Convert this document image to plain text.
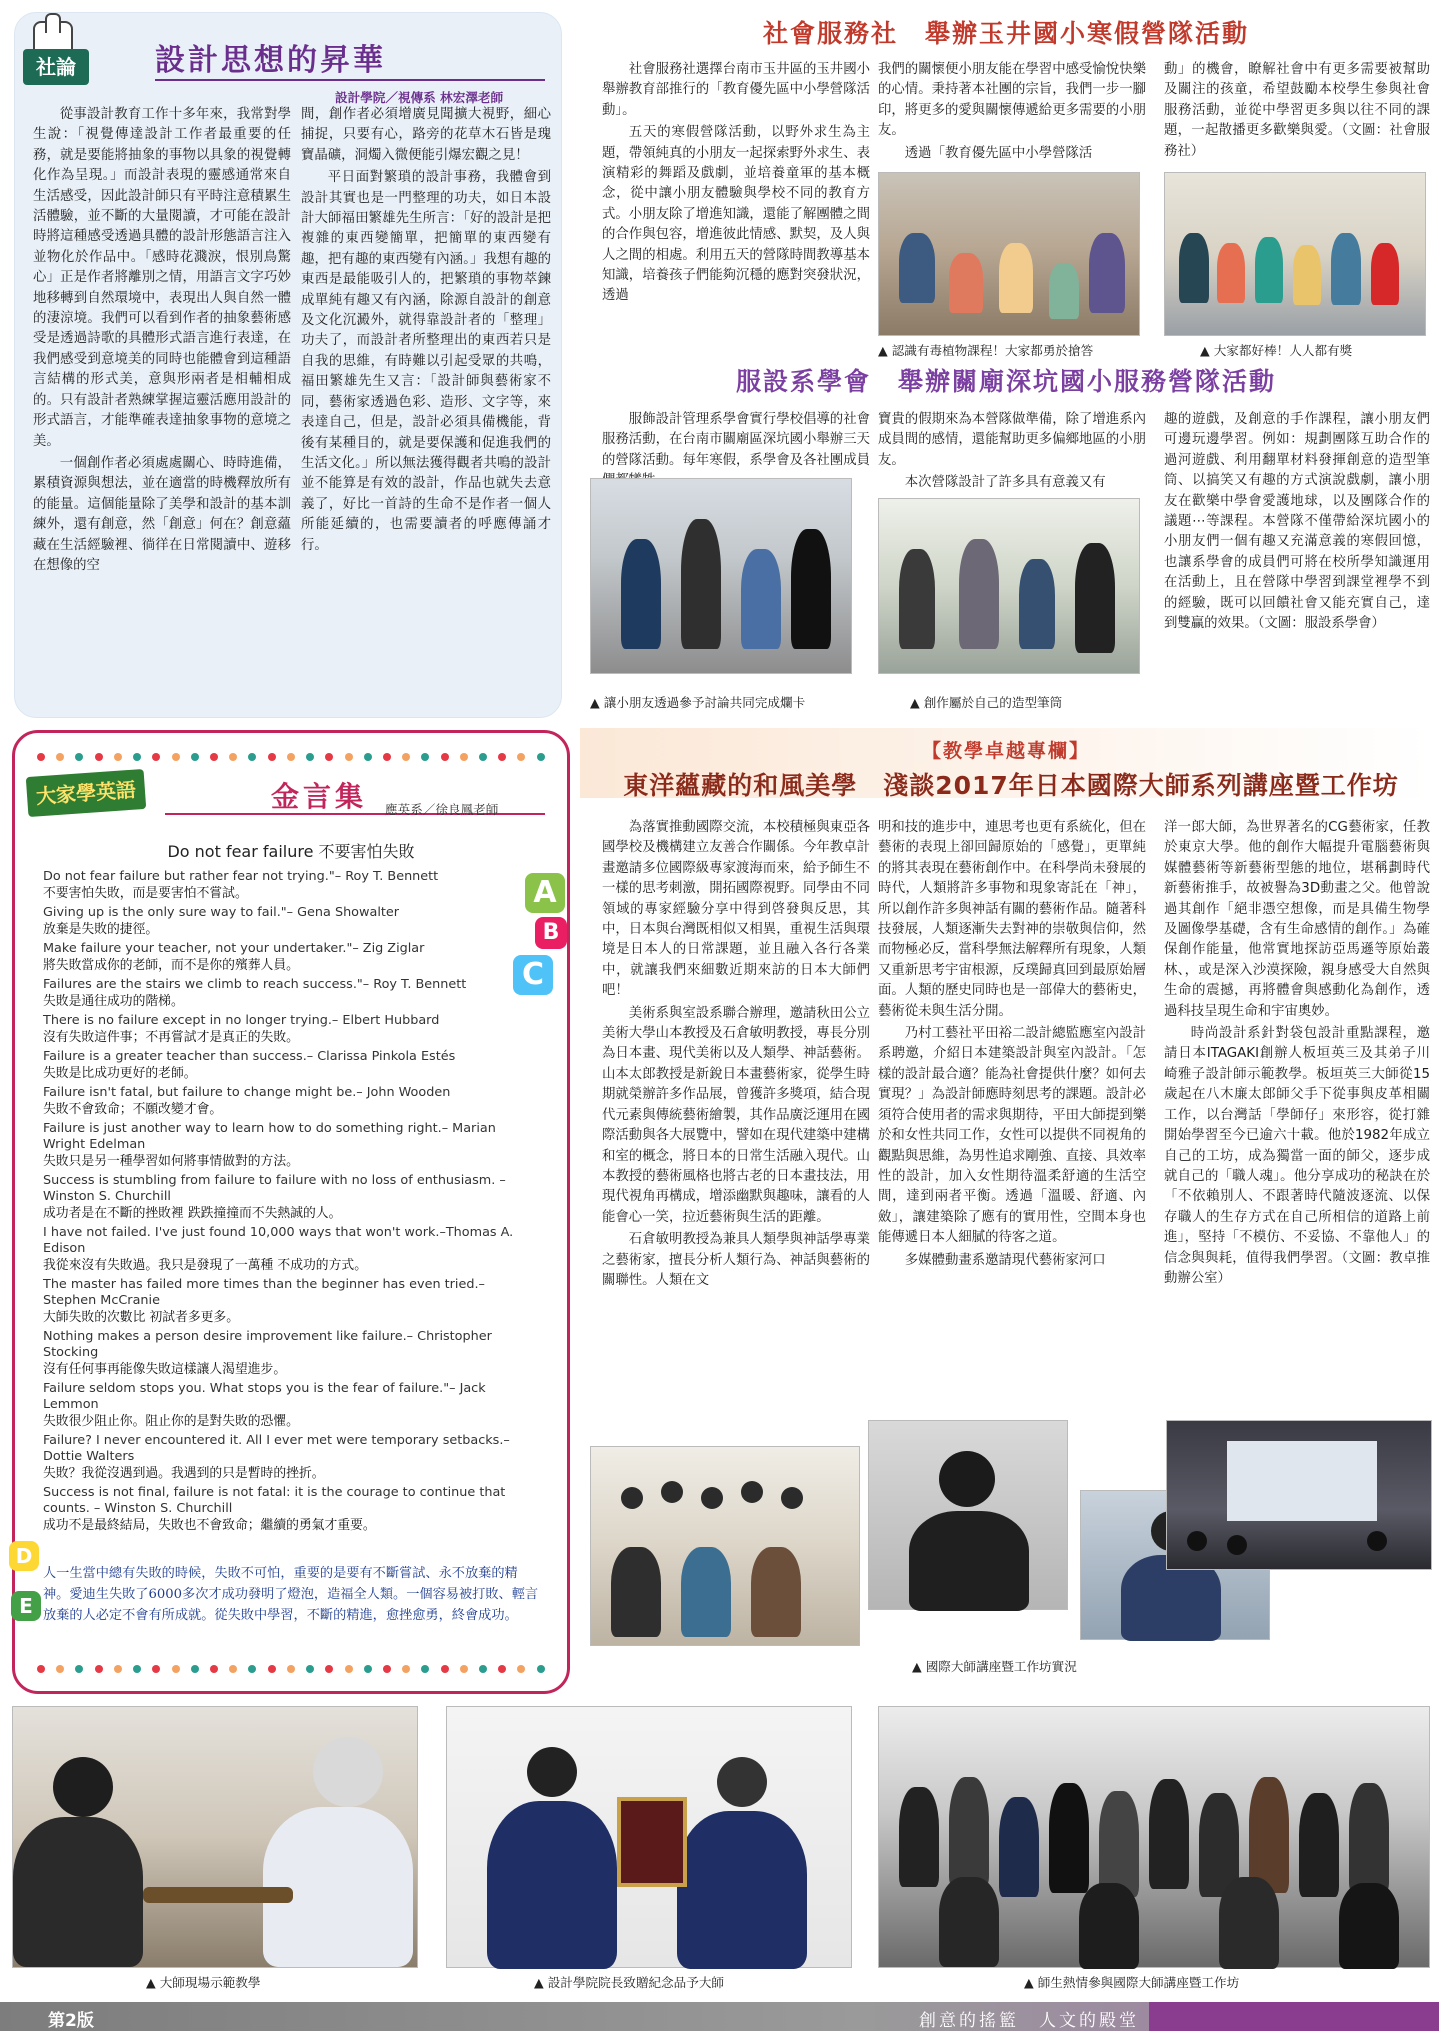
社論	設計思想的昇華
設計學院／視傳系 林宏澤老師

從事設計教育工作十多年來，我常對學生說：「視覺傳達設計工作者最重要的任務，就是要能將抽象的事物以具象的視覺轉化作為呈現。」而設計表現的靈感通常來自生活感受，因此設計師只有平時注意積累生活體驗，並不斷的大量閱讀，才可能在設計時將這種感受透過具體的設計形態語言注入並物化於作品中。「感時花濺淚，恨別鳥驚心」正是作者將離別之情，用語言文字巧妙地移轉到自然環境中，表現出人與自然一體的淒涼境。我們可以看到作者的抽象藝術感受是透過詩歌的具體形式語言進行表達，在我們感受到意境美的同時也能體會到這種語言結構的形式美，意與形兩者是相輔相成的。只有設計者熟練掌握這靈活應用設計的形式語言，才能準確表達抽象事物的意境之美。

一個創作者必須處處關心、時時進備，累積資源與想法，並在適當的時機釋放所有的能量。這個能量除了美學和設計的基本訓練外，還有創意，然「創意」何在？創意蘊藏在生活經驗裡、徜徉在日常閱讀中、遊移在想像的空

間，創作者必須增廣見聞擴大視野，細心捕捉，只要有心，路旁的花草木石皆是瑰寶晶礦，洞燭入微便能引爆宏觀之見！

平日面對繁瑣的設計事務，我體會到設計其實也是一門整理的功夫，如日本設計大師福田繁雄先生所言：「好的設計是把複雜的東西變簡單，把簡單的東西變有趣，把有趣的東西變有內涵。」我想有趣的東西是最能吸引人的，把繁瑣的事物萃鍊成單純有趣又有內涵，除源自設計的創意及文化沉澱外，就得靠設計者的「整理」功夫了，而設計者所整理出的東西若只是自我的思維，有時難以引起受眾的共鳴，福田繁雄先生又言：「設計師與藝術家不同，藝術家透過色彩、造形、文字等，來表達自己，但是，設計必須具備機能，背後有某種目的，就是要保護和促進我們的生活文化。」所以無法獲得觀者共鳴的設計並不能算是有效的設計，作品也就失去意義了，好比一首詩的生命不是作者一個人所能延續的，也需要讀者的呼應傳誦才行。

社會服務社　舉辦玉井國小寒假營隊活動

社會服務社選擇台南市玉井區的玉井國小舉辦教育部推行的「教育優先區中小學營隊活動」。

五天的寒假營隊活動，以野外求生為主題，帶領純真的小朋友一起探索野外求生、表演精彩的舞蹈及戲劇，並培養童軍的基本概念，從中讓小朋友體驗與學校不同的教育方式。小朋友除了增進知識，還能了解團體之間的合作與包容，增進彼此情感、默契，及人與人之間的相處。利用五天的營隊時間教導基本知識，培養孩子們能夠沉穩的應對突發狀況，透過

我們的關懷便小朋友能在學習中感受愉悅快樂的心情。秉持著本社團的宗旨，我們一步一腳印，將更多的愛與關懷傳遞給更多需要的小朋友。

透過「教育優先區中小學營隊活

動」的機會，瞭解社會中有更多需要被幫助及關注的孩童，希望鼓勵本校學生參與社會服務活動，並從中學習更多與以往不同的課題，一起散播更多歡樂與愛。（文圖：社會服務社）

▲ 認識有毒植物課程！大家都勇於搶答	▲ 大家都好棒！人人都有獎
服設系學會　舉辦關廟深坑國小服務營隊活動

服飾設計管理系學會實行學校倡導的社會服務活動，在台南市關廟區深坑國小舉辦三天的營隊活動。每年寒假，系學會及各社團成員

寶貴的假期來為本營隊做準備，除了增進系內成員間的感情，還能幫助更多偏鄉地區的小朋友。

本次營隊設計了許多具有意義又有

趣的遊戲，及創意的手作課程，讓小朋友們可邊玩邊學習。例如：規劃團隊互助合作的過河遊戲、利用翻單材料發揮創意的造型筆筒、以搞笑又有趣的方式演說戲劇，讓小朋友在歡樂中學會愛護地球，以及團隊合作的議題⋯等課程。本營隊不僅帶給深坑國小的小朋友們一個有趣又充滿意義的寒假回憶，也讓系學會的成員們可將在校所學知識運用在活動上，且在營隊中學習到課堂裡學不到的經驗，既可以回饋社會又能充實自己，達到雙贏的效果。（文圖：服設系學會）

▲ 讓小朋友透過參予討論共同完成爛卡	▲ 創作屬於自己的造型筆筒
大家學英語	金言集 應英系／徐良鳳老師
Do not fear failure 不要害怕失敗
Do not fear failure but rather fear not trying."– Roy T. Bennett
不要害怕失敗，而是要害怕不嘗試。
Giving up is the only sure way to fail."– Gena Showalter
放棄是失敗的捷徑。
Make failure your teacher, not your undertaker."– Zig Ziglar
將失敗當成你的老師，而不是你的殯葬人員。
Failures are the stairs we climb to reach success."– Roy T. Bennett
失敗是通往成功的階梯。
There is no failure except in no longer trying.– Elbert Hubbard
沒有失敗這件事；不再嘗試才是真正的失敗。
Failure is a greater teacher than success.– Clarissa Pinkola Estés
失敗是比成功更好的老師。
Failure isn't fatal, but failure to change might be.– John Wooden
失敗不會致命；不願改變才會。
Failure is just another way to learn how to do something right.– Marian Wright Edelman
失敗只是另一種學習如何將事情做對的方法。
Success is stumbling from failure to failure with no loss of enthusiasm. – Winston S. Churchill
成功者是在不斷的挫敗裡 跌跌撞撞而不失熱誠的人。
I have not failed. I've just found 10,000 ways that won't work.–Thomas A. Edison
我從來沒有失敗過。我只是發現了一萬種 不成功的方式。
The master has failed more times than the beginner has even tried.– Stephen McCranie
大師失敗的次數比 初試者多更多。
Nothing makes a person desire improvement like failure.– Christopher Stocking
沒有任何事再能像失敗這樣讓人渴望進步。
Failure seldom stops you. What stops you is the fear of failure."– Jack Lemmon
失敗很少阻止你。阻止你的是對失敗的恐懼。
Failure? I never encountered it. All I ever met were temporary setbacks.– Dottie Walters
失敗？我從沒遇到過。我遇到的只是暫時的挫折。
Success is not final, failure is not fatal: it is the courage to continue that counts. – Winston S. Churchill
成功不是最終結局，失敗也不會致命；繼續的勇氣才重要。
人一生當中總有失敗的時候，失敗不可怕，重要的是要有不斷嘗試、永不放棄的精神。愛迪生失敗了6000多次才成功發明了燈泡，造福全人類。一個容易被打敗、輕言放棄的人必定不會有所成就。從失敗中學習，不斷的精進，愈挫愈勇，終會成功。
A
B
C
D
E
【教學卓越專欄】
東洋蘊藏的和風美學　淺談2017年日本國際大師系列講座暨工作坊

為落實推動國際交流，本校積極與東亞各國學校及機構建立友善合作關係。今年教卓計畫邀請多位國際級專家渡海而來，給予師生不一樣的思考刺激，開拓國際視野。同學由不同領域的專家經驗分享中得到啓發與反思，其中，日本與台灣既相似又相異，重視生活與環境是日本人的日常課題，並且融入各行各業中，就讓我們來細數近期來訪的日本大師們吧！

美術系與室設系聯合辦理，邀請秋田公立美術大學山本教授及石倉敏明教授，專長分別為日本畫、現代美術以及人類學、神話藝術。山本太郎教授是新銳日本畫藝術家，從學生時期就榮辦許多作品展，曾獲許多獎項，結合現代元素與傳統藝術繪製，其作品廣泛運用在國際活動與各大展覽中，譬如在現代建築中建構和室的概念，將日本的日常生活融入現代。山本教授的藝術風格也將古老的日本畫技法，用現代視角再構成，增添幽默與趣味，讓看的人能會心一笑，拉近藝術與生活的距離。

石倉敏明教授為兼具人類學與神話學專業之藝術家，擅長分析人類行為、神話與藝術的關聯性。人類在文

明和技的進步中，連思考也更有系統化，但在藝術的表現上卻回歸原始的「感覺」，更單純的將其表現在藝術創作中。在科學尚未發展的時代，人類將許多事物和現象寄託在「神」，所以創作許多與神話有關的藝術作品。隨著科技發展，人類逐漸失去對神的崇敬與信仰，然而物極必反，當科學無法解釋所有現象，人類又重新思考宇宙根源，反璞歸真回到最原始層面。人類的歷史同時也是一部偉大的藝術史，藝術從未與生活分開。

乃村工藝社平田裕二設計總監應室內設計系聘邀，介紹日本建築設計與室內設計。「怎樣的設計最合適？能為社會提供什麼？如何去實現？」為設計師應時刻思考的課題。設計必須符合使用者的需求與期待，平田大師提到樂於和女性共同工作，女性可以提供不同視角的觀點與思維，為男性追求剛強、直接、具效率性的設計，加入女性期待溫柔舒適的生活空間，達到兩者平衡。透過「溫暖、舒適、內斂」，讓建築除了應有的實用性，空間本身也能傳遞日本人細膩的待客之道。

多媒體動畫系邀請現代藝術家河口

洋一郎大師，為世界著名的CG藝術家，任教於東京大學。他的創作大幅提升電腦藝術與媒體藝術等新藝術型態的地位，堪稱劃時代新藝術推手，故被譽為3D動畫之父。他曾說過其創作「絕非憑空想像，而是具備生物學及圖像學基礎，含有生命感情的創作。」為確保創作能量，他常實地探訪亞馬遜等原始叢林、，或是深入沙漠探險，親身感受大自然與生命的震撼，再將體會與感動化為創作，透過科技呈現生命和宇宙奧妙。

時尚設計系針對袋包設計重點課程，邀請日本ITAGAKI創辦人板垣英三及其弟子川崎雅子設計師示範教學。板垣英三大師從15歲起在八木廉太郎師父手下從事與皮革相關工作，以台灣話「學師仔」來形容，從打雜開始學習至今已逾六十載。他於1982年成立自己的工坊，成為獨當一面的師父，逐步成就自己的「職人魂」。他分享成功的秘訣在於「不依賴別人、不跟著時代隨波逐流、以保存職人的生存方式在自己所相信的道路上前進」，堅持「不模仿、不妥協、不靠他人」的信念與與耗，值得我們學習。（文圖：教卓推動辦公室）

▲ 國際大師講座暨工作坊實況
▲ 大師現場示範教學	▲ 設計學院院長致贈紀念品予大師	▲ 師生熱情參與國際大師講座暨工作坊
第2版	創意的搖籃　人文的殿堂
